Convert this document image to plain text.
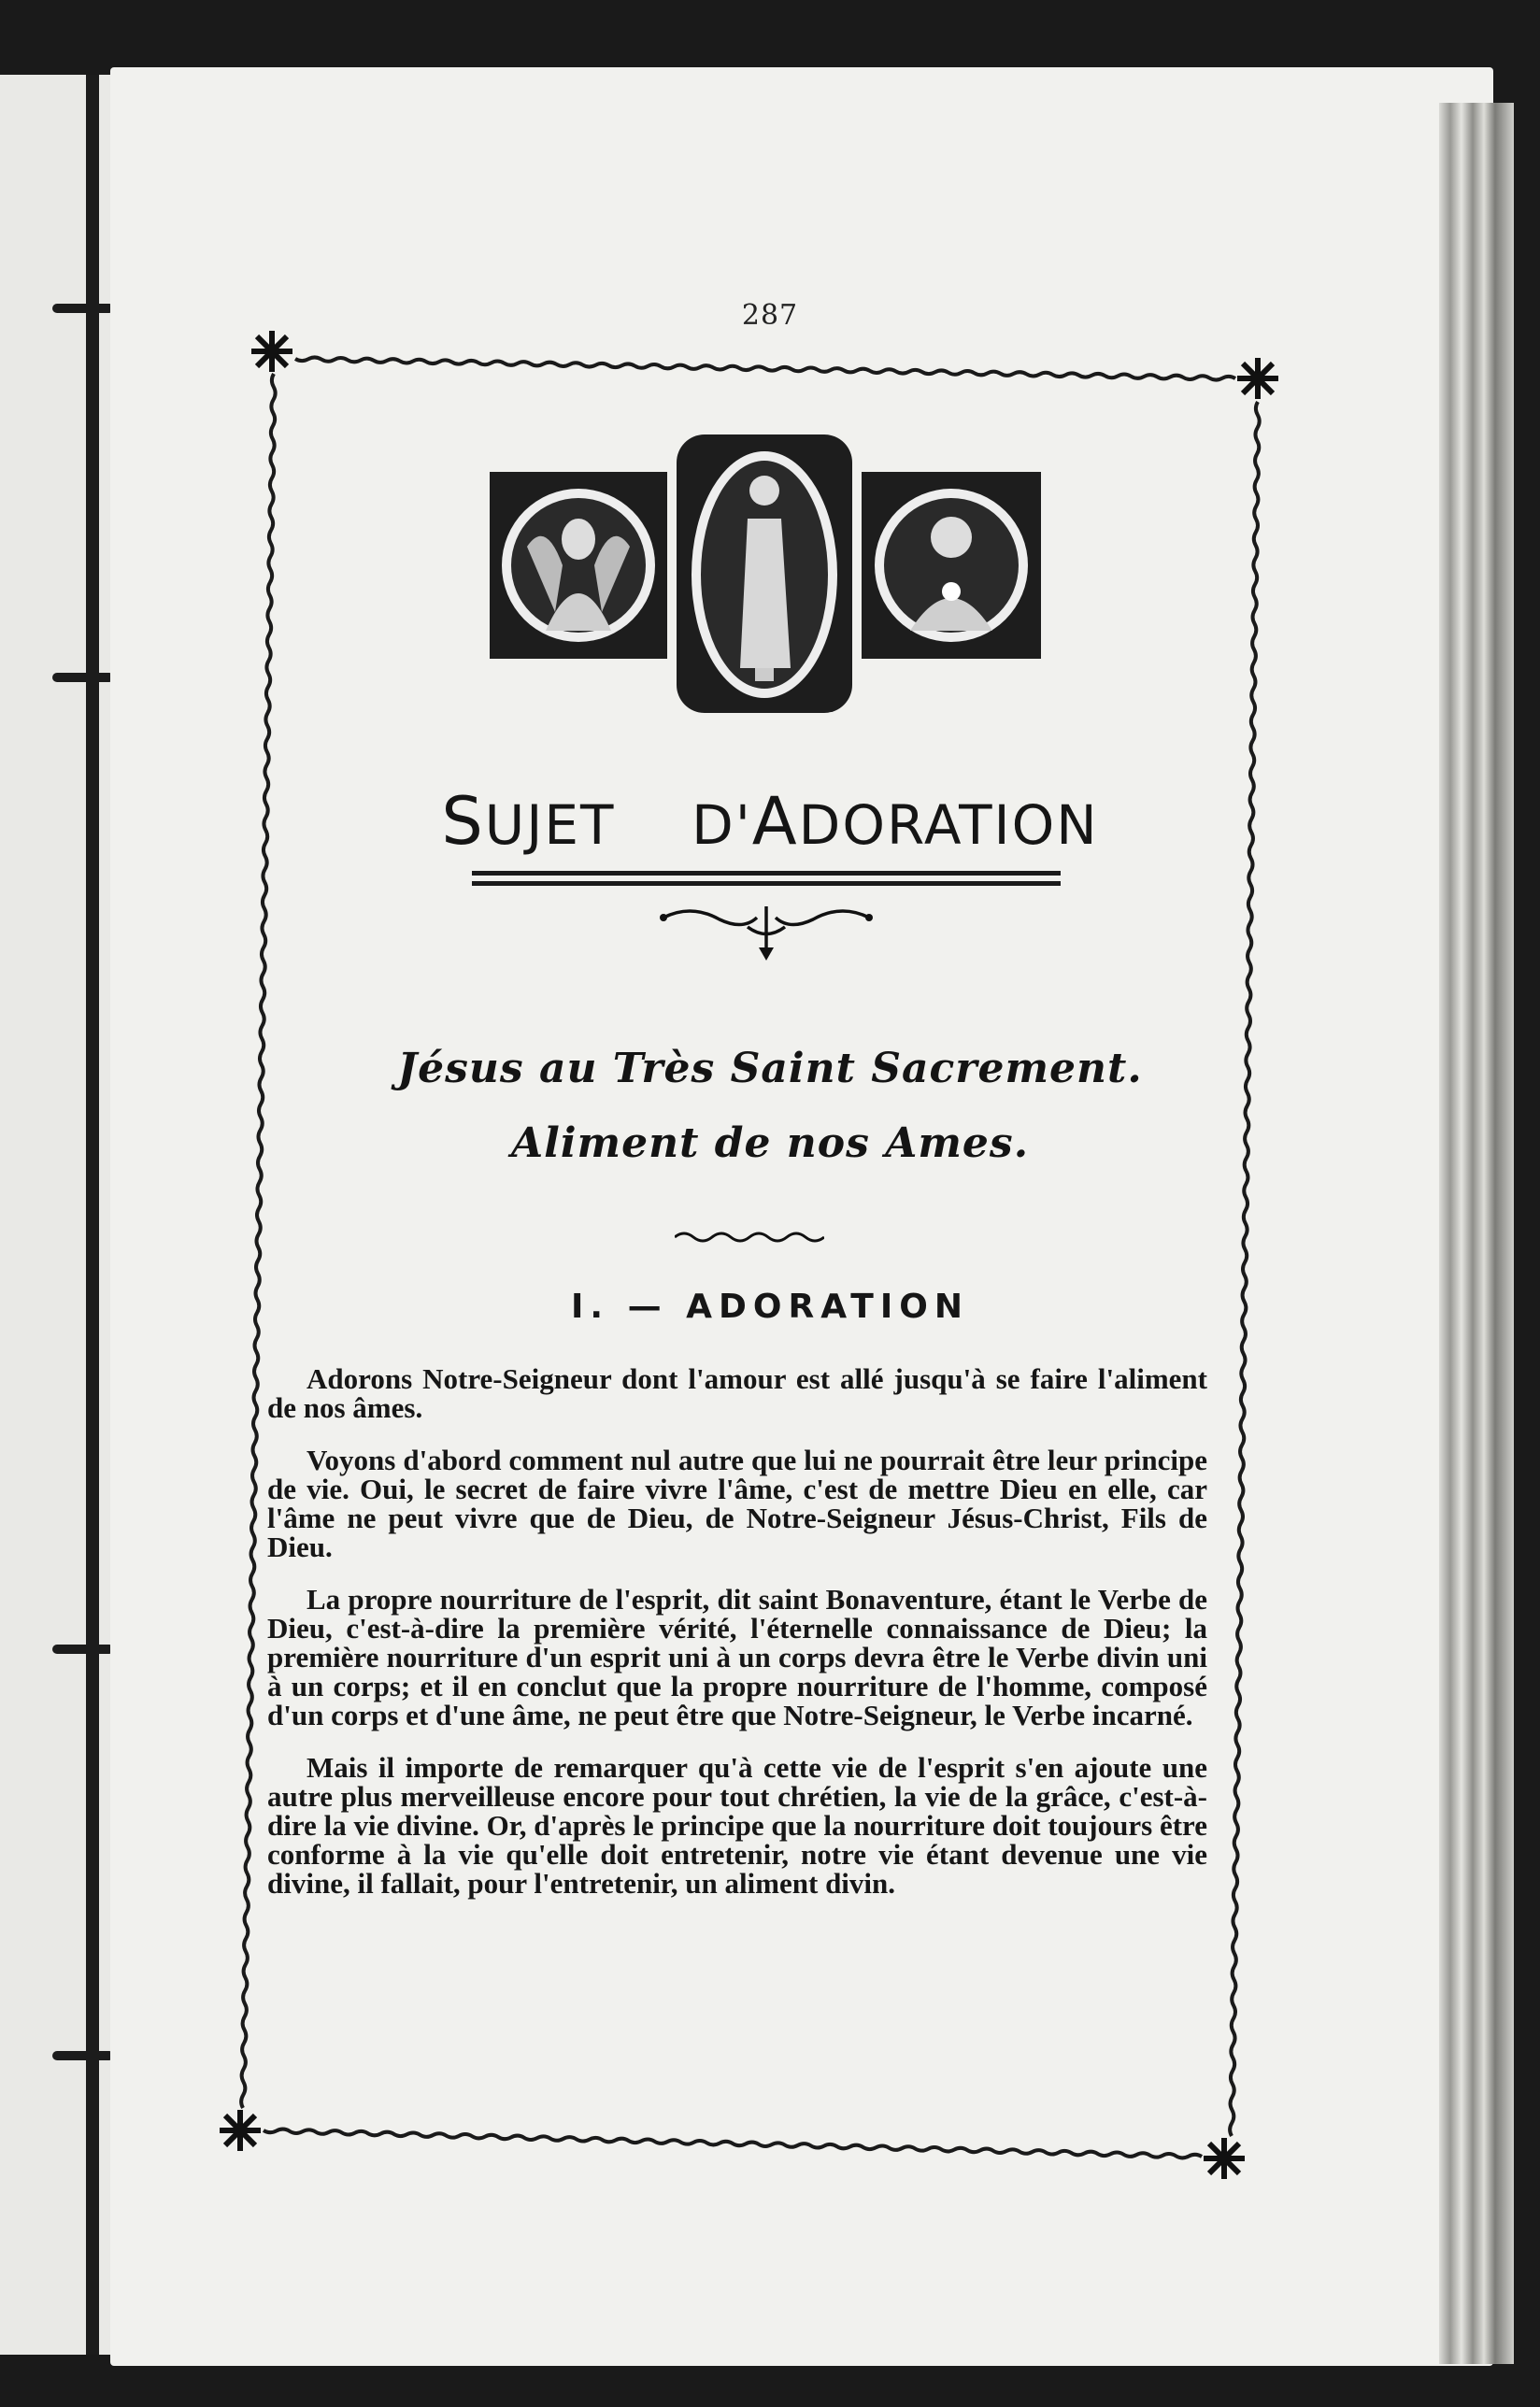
287
SUJET D'ADORATION
Jésus au Très Saint Sacrement.
Aliment de nos Ames.
I. — ADORATION

Adorons Notre-Seigneur dont l'amour est allé jusqu'à se faire l'aliment de nos âmes.

Voyons d'abord comment nul autre que lui ne pourrait être leur principe de vie. Oui, le secret de faire vivre l'âme, c'est de mettre Dieu en elle, car l'âme ne peut vivre que de Dieu, de Notre-Seigneur Jésus-Christ, Fils de Dieu.

La propre nourriture de l'esprit, dit saint Bonaventure, étant le Verbe de Dieu, c'est-à-dire la première vérité, l'éternelle connaissance de Dieu; la première nourriture d'un esprit uni à un corps devra être le Verbe divin uni à un corps; et il en conclut que la propre nourriture de l'homme, composé d'un corps et d'une âme, ne peut être que Notre-Seigneur, le Verbe incarné.

Mais il importe de remarquer qu'à cette vie de l'esprit s'en ajoute une autre plus merveilleuse encore pour tout chrétien, la vie de la grâce, c'est-à-dire la vie divine. Or, d'après le principe que la nourriture doit toujours être conforme à la vie qu'elle doit entretenir, notre vie étant devenue une vie divine, il fallait, pour l'entretenir, un aliment divin.
